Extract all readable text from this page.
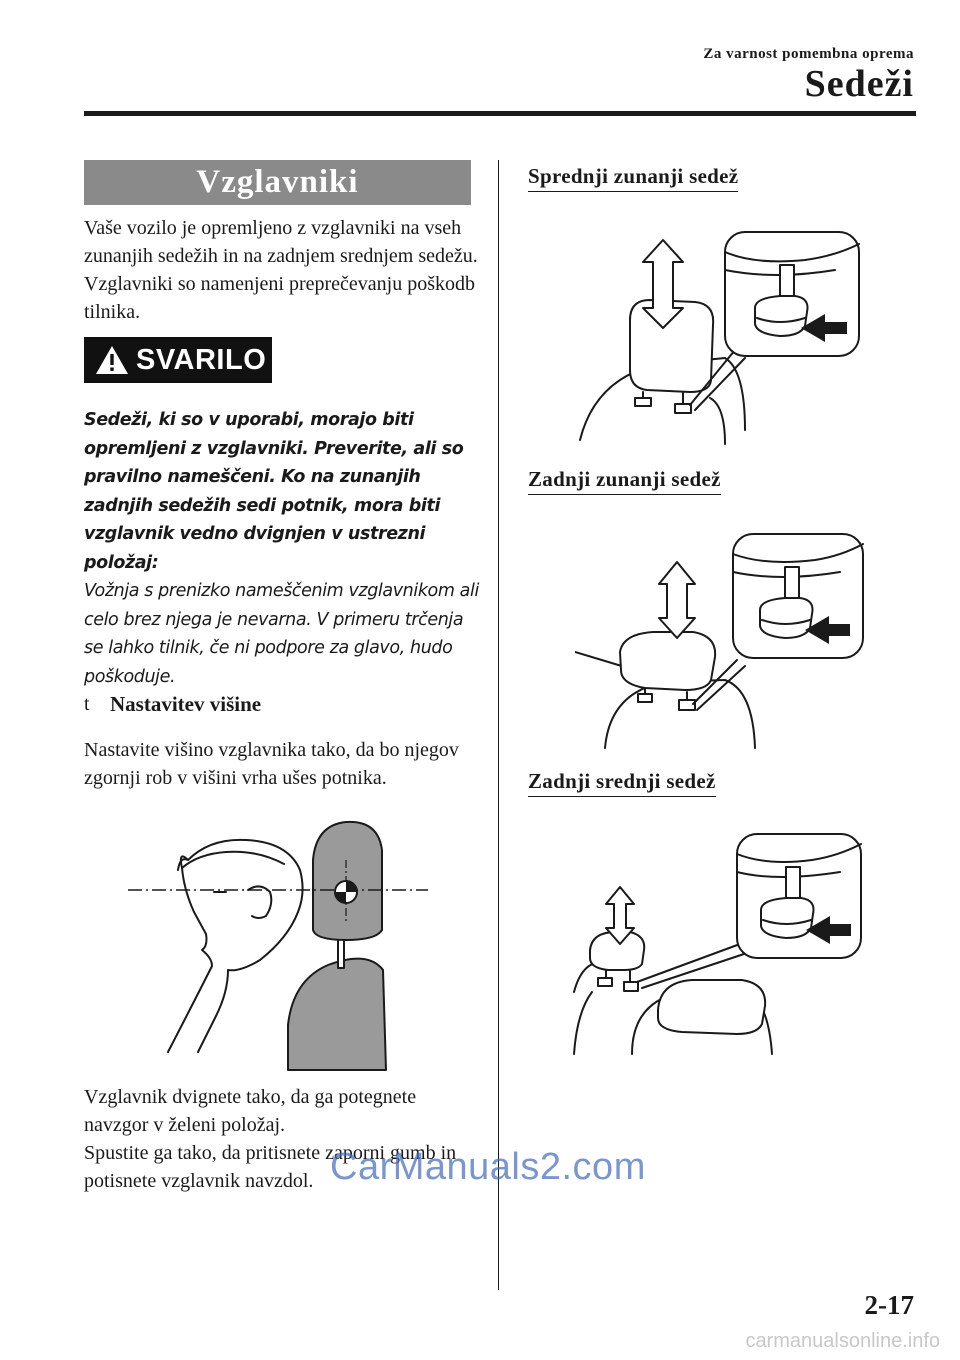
Za varnost pomembna oprema
Sedeži
Vzglavniki
Vaše vozilo je opremljeno z vzglavniki na vseh zunanjih sedežih in na zadnjem srednjem sedežu. Vzglavniki so namenjeni preprečevanju poškodb tilnika.
SVARILO
Sedeži, ki so v uporabi, morajo biti opremljeni z vzglavniki. Preverite, ali so pravilno nameščeni. Ko na zunanjih zadnjih sedežih sedi potnik, mora biti vzglavnik vedno dvignjen v ustrezni položaj:
Vožnja s prenizko nameščenim vzglavnikom ali celo brez njega je nevarna. V primeru trčenja se lahko tilnik, če ni podpore za glavo, hudo poškoduje.
t Nastavitev višine
Nastavite višino vzglavnika tako, da bo njegov zgornji rob v višini vrha ušes potnika.
Vzglavnik dvignete tako, da ga potegnete navzgor v želeni položaj.
Spustite ga tako, da pritisnete zaporni gumb in potisnete vzglavnik navzdol.
Sprednji zunanji sedež
Zadnji zunanji sedež
Zadnji srednji sedež
2-17
CarManuals2.com
carmanualsonline.info
